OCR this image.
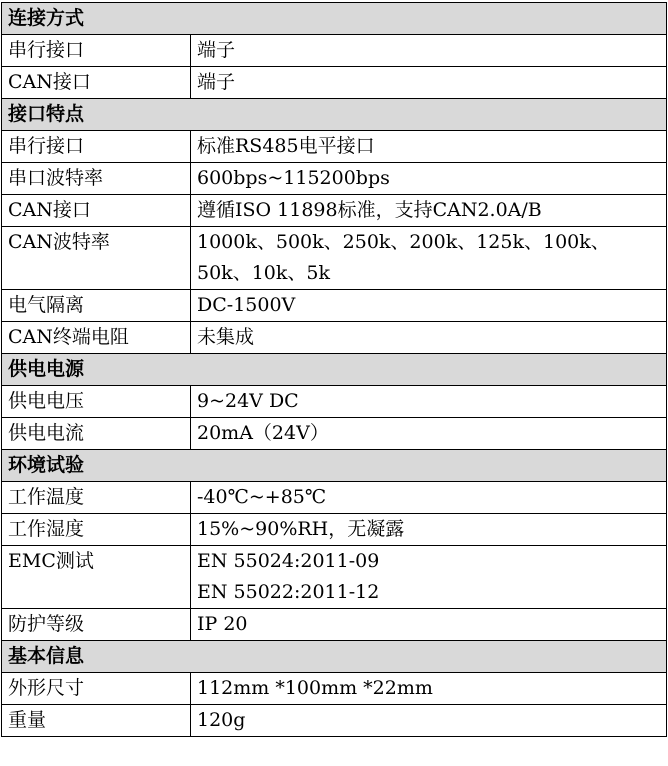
连接方式	
串行接口	端子

CAN接口	端子

接口特点	
串行接口	标准RS485电平接口

串口波特率	600bps~115200bps

CAN接口	遵循ISO 11898标准，支持CAN2.0A/B

CAN波特率	1000k、500k、250k、200k、125k、100k、
50k、10k、5k

电气隔离	DC-1500V

CAN终端电阻	未集成

供电电源	
供电电压	9~24V DC

供电电流	20mA（24V）

环境试验	
工作温度	-40℃~+85℃

工作湿度	15%~90%RH，无凝露

EMC测试	EN 55024:2011-09
EN 55022:2011-12

防护等级	IP 20

基本信息	
外形尺寸	112mm *100mm *22mm

重量	120g
